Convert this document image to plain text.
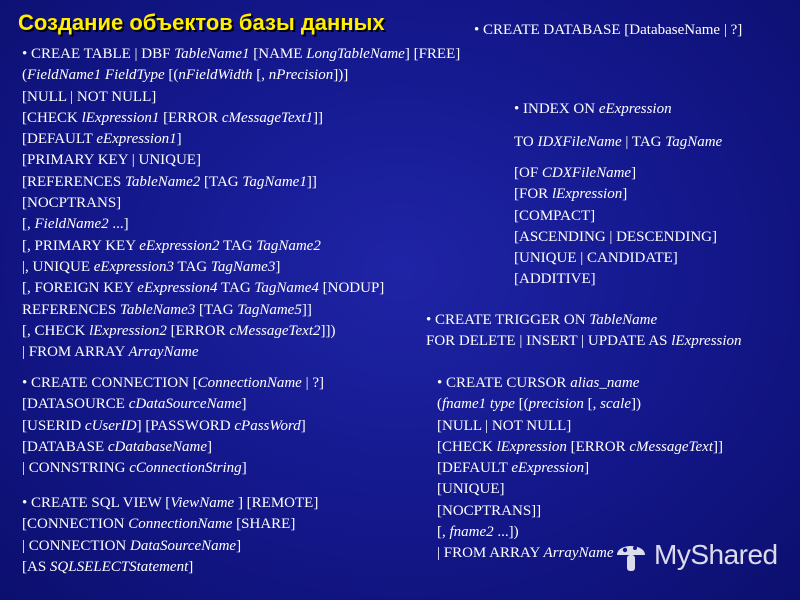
Создание объектов базы данных	• CREATE DATABASE [DatabaseName | ?]
• CREAE TABLE | DBF TableName1 [NAME LongTableName] [FREE]
(FieldName1 FieldType [(nFieldWidth [, nPrecision])]
[NULL | NOT NULL]
[CHECK lExpression1 [ERROR cMessageText1]]
[DEFAULT eExpression1]
[PRIMARY KEY | UNIQUE]
[REFERENCES TableName2 [TAG TagName1]]
[NOCPTRANS]
[, FieldName2 ...]
[, PRIMARY KEY eExpression2 TAG TagName2
|, UNIQUE eExpression3 TAG TagName3]
[, FOREIGN KEY eExpression4 TAG TagName4 [NODUP]
REFERENCES TableName3 [TAG TagName5]]
[, CHECK lExpression2 [ERROR cMessageText2]])
| FROM ARRAY ArrayName
• INDEX ON eExpression
TO IDXFileName | TAG TagName
[OF CDXFileName]
[FOR lExpression]
[COMPACT]
[ASCENDING | DESCENDING]
[UNIQUE | CANDIDATE]
[ADDITIVE]
• CREATE TRIGGER ON TableName
FOR DELETE | INSERT | UPDATE AS lExpression
• CREATE CONNECTION [ConnectionName | ?]
[DATASOURCE cDataSourceName]
[USERID cUserID] [PASSWORD cPassWord]
[DATABASE cDatabaseName]
| CONNSTRING cConnectionString]
• CREATE CURSOR alias_name
(fname1 type [(precision [, scale])
[NULL | NOT NULL]
[CHECK lExpression [ERROR cMessageText]]
[DEFAULT eExpression]
[UNIQUE]
[NOCPTRANS]]
[, fname2 ...])
| FROM ARRAY ArrayName
• CREATE SQL VIEW [ViewName ] [REMOTE]
[CONNECTION ConnectionName [SHARE]
| CONNECTION DataSourceName]
[AS SQLSELECTStatement]	MyShared
